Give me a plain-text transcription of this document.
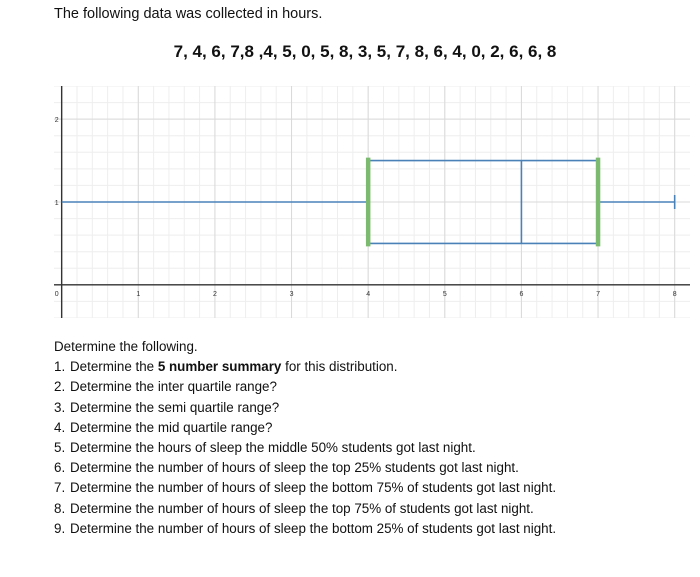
The following data was collected in hours.

7, 4, 6, 7,8 ,4, 5, 0, 5, 8, 3, 5, 7, 8, 6, 4, 0, 2, 6, 6, 8

0	1	2	3	4	5	6	7	8
1
2

Determine the following.

1.Determine the 5 number summary for this distribution.
2.Determine the inter quartile range?
3.Determine the semi quartile range?
4.Determine the mid quartile range?
5.Determine the hours of sleep the middle 50% students got last night.
6.Determine the number of hours of sleep the top 25% students got last night.
7.Determine the number of hours of sleep the bottom 75% of students got last night.
8.Determine the number of hours of sleep the top 75% of students got last night.
9.Determine the number of hours of sleep the bottom 25% of students got last night.
